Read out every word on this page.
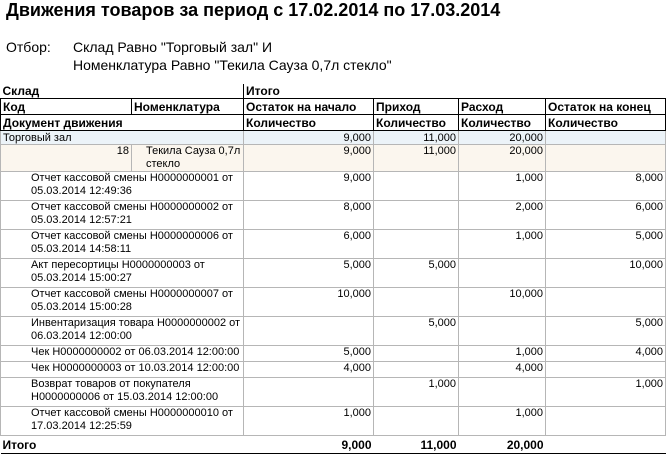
Движения товаров за период с 17.02.2014 по 17.03.2014
Отбор: Склад Равно "Торговый зал" И
Номенклатура Равно "Текила Сауза 0,7л стекло"
Склад		Итого			
Код	Номенклатура	Остаток на начало	Приход	Расход	Остаток на конец
Документ движения		Количество	Количество	Количество	Количество
Торговый зал		9,000	11,000	20,000	
18	Текила Сауза 0,7л стекло	9,000	11,000	20,000	
Отчет кассовой смены Н0000000001 от 05.03.2014 12:49:36		9,000		1,000	8,000
Отчет кассовой смены Н0000000002 от 05.03.2014 12:57:21		8,000		2,000	6,000
Отчет кассовой смены Н0000000006 от 05.03.2014 14:58:11		6,000		1,000	5,000
Акт пересортицы Н0000000003 от 05.03.2014 15:00:27		5,000	5,000		10,000
Отчет кассовой смены Н0000000007 от 05.03.2014 15:00:28		10,000		10,000	
Инвентаризация товара Н0000000002 от 06.03.2014 12:00:00			5,000		5,000
Чек Н0000000002 от 06.03.2014 12:00:00		5,000		1,000	4,000
Чек Н0000000003 от 10.03.2014 12:00:00		4,000		4,000	
Возврат товаров от покупателя Н0000000006 от 15.03.2014 12:00:00			1,000		1,000
Отчет кассовой смены Н0000000010 от 17.03.2014 12:25:59		1,000		1,000	
Итого		9,000	11,000	20,000	
